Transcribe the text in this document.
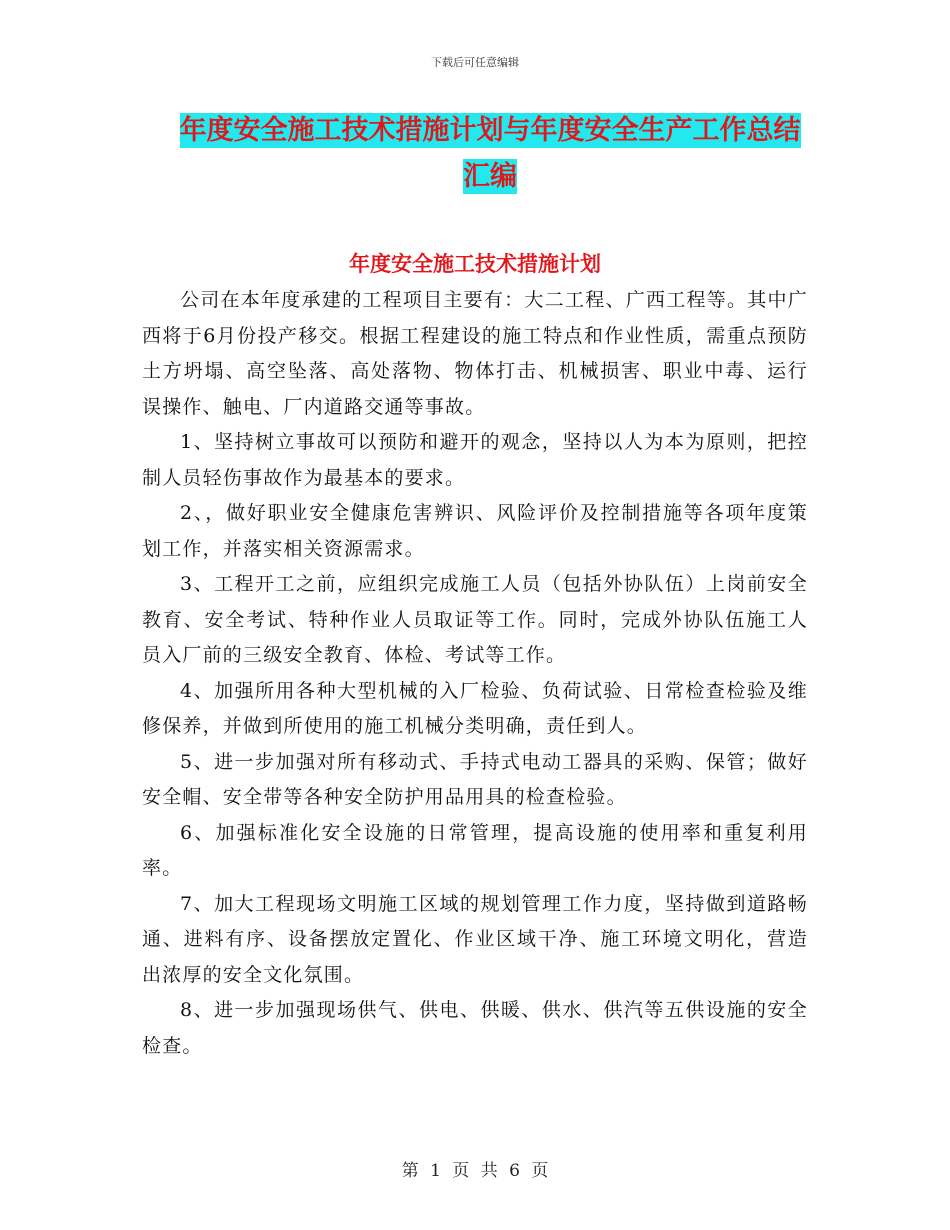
下载后可任意编辑
年度安全施工技术措施计划与年度安全生产工作总结
汇编
年度安全施工技术措施计划

公司在本年度承建的工程项目主要有：大二工程、广西工程等。其中广西将于6月份投产移交。根据工程建设的施工特点和作业性质，需重点预防土方坍塌、高空坠落、高处落物、物体打击、机械损害、职业中毒、运行误操作、触电、厂内道路交通等事故。

1、坚持树立事故可以预防和避开的观念，坚持以人为本为原则，把控制人员轻伤事故作为最基本的要求。

2、，做好职业安全健康危害辨识、风险评价及控制措施等各项年度策划工作，并落实相关资源需求。

3、工程开工之前，应组织完成施工人员（包括外协队伍）上岗前安全教育、安全考试、特种作业人员取证等工作。同时，完成外协队伍施工人员入厂前的三级安全教育、体检、考试等工作。

4、加强所用各种大型机械的入厂检验、负荷试验、日常检查检验及维修保养，并做到所使用的施工机械分类明确，责任到人。

5、进一步加强对所有移动式、手持式电动工器具的采购、保管；做好安全帽、安全带等各种安全防护用品用具的检查检验。

6、加强标准化安全设施的日常管理，提高设施的使用率和重复利用率。

7、加大工程现场文明施工区域的规划管理工作力度，坚持做到道路畅通、进料有序、设备摆放定置化、作业区域干净、施工环境文明化，营造出浓厚的安全文化氛围。

8、进一步加强现场供气、供电、供暖、供水、供汽等五供设施的安全检查。

第 1 页 共 6 页
